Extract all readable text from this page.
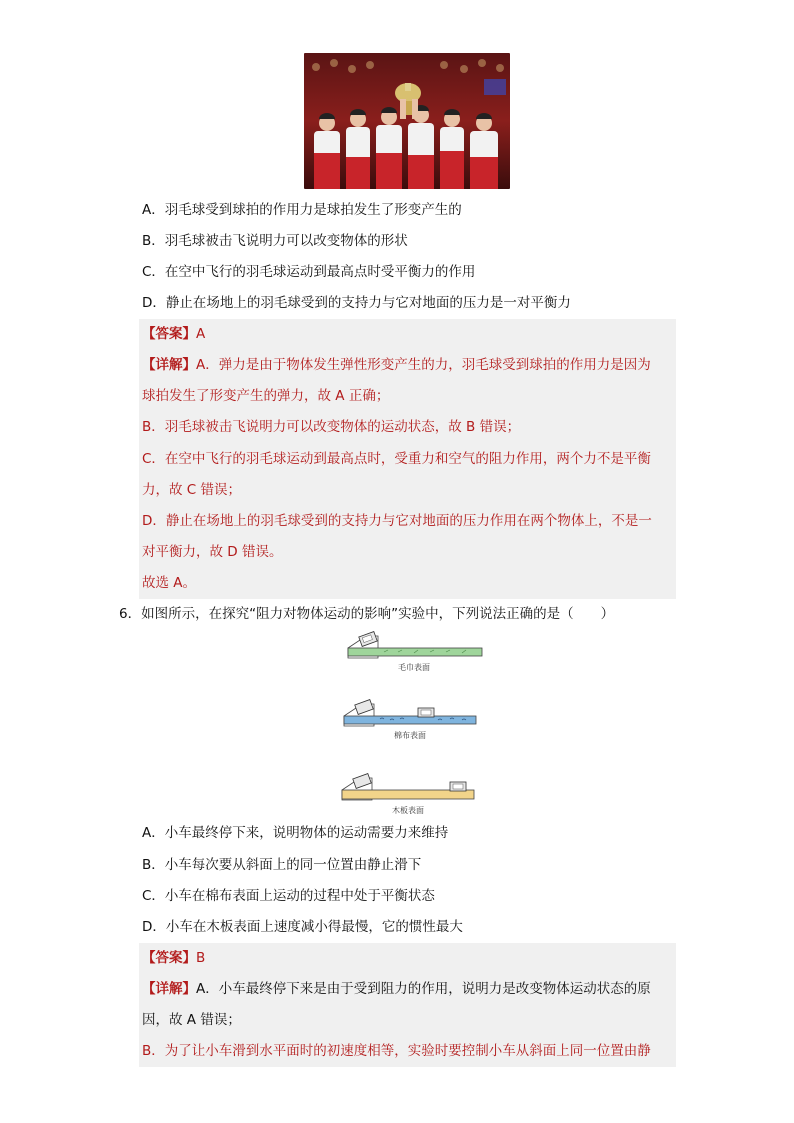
A．羽毛球受到球拍的作用力是球拍发生了形变产生的
B．羽毛球被击飞说明力可以改变物体的形状
C．在空中飞行的羽毛球运动到最高点时受平衡力的作用
D．静止在场地上的羽毛球受到的支持力与它对地面的压力是一对平衡力
【答案】A
【详解】A．弹力是由于物体发生弹性形变产生的力，羽毛球受到球拍的作用力是因为
球拍发生了形变产生的弹力，故 A 正确；
B．羽毛球被击飞说明力可以改变物体的运动状态，故 B 错误；
C．在空中飞行的羽毛球运动到最高点时，受重力和空气的阻力作用，两个力不是平衡
力，故 C 错误；
D．静止在场地上的羽毛球受到的支持力与它对地面的压力作用在两个物体上，不是一
对平衡力，故 D 错误。
故选 A。
6．如图所示，在探究“阻力对物体运动的影响”实验中，下列说法正确的是（　　）
毛巾表面
棉布表面
木板表面
A．小车最终停下来，说明物体的运动需要力来维持
B．小车每次要从斜面上的同一位置由静止滑下
C．小车在棉布表面上运动的过程中处于平衡状态
D．小车在木板表面上速度减小得最慢，它的惯性最大
【答案】B
【详解】A．小车最终停下来是由于受到阻力的作用，说明力是改变物体运动状态的原
因，故 A 错误；
B．为了让小车滑到水平面时的初速度相等，实验时要控制小车从斜面上同一位置由静
